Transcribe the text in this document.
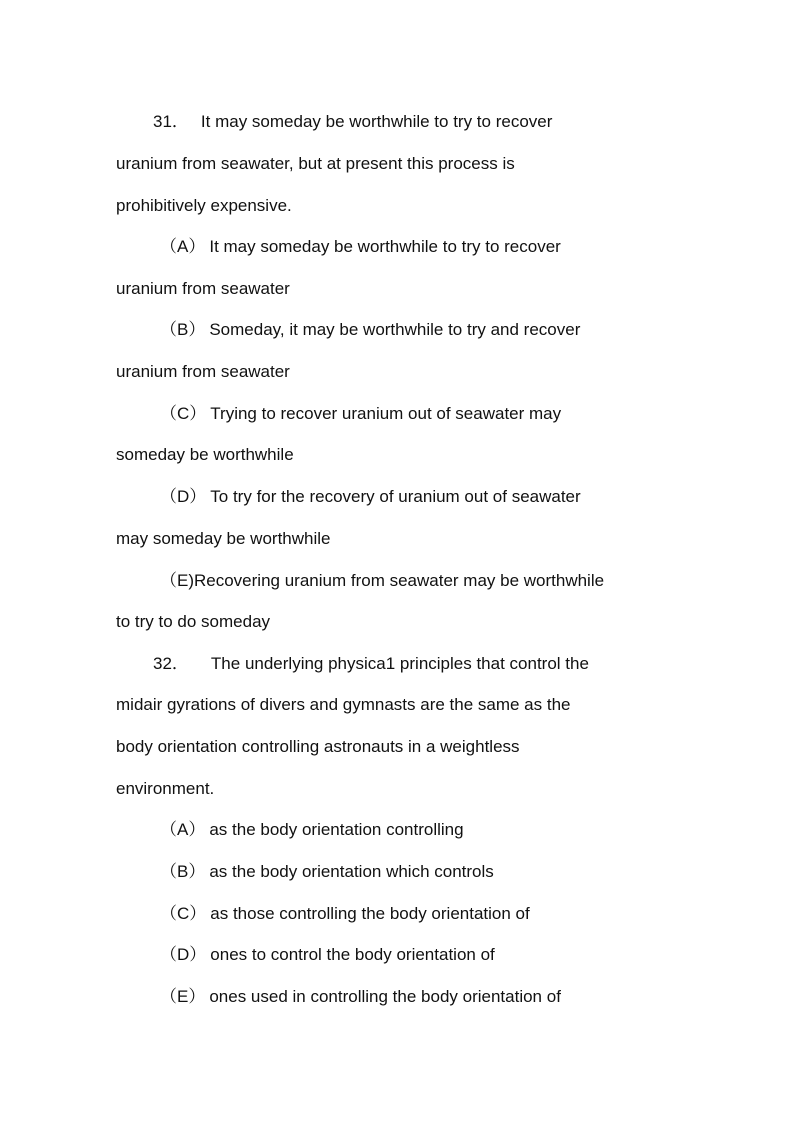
31． It may someday be worthwhile to try to recover
uranium from seawater, but at present this process is
prohibitively expensive.
（A） It may someday be worthwhile to try to recover
uranium from seawater
（B） Someday, it may be worthwhile to try and recover
uranium from seawater
（C） Trying to recover uranium out of seawater may
someday be worthwhile
（D） To try for the recovery of uranium out of seawater
may someday be worthwhile
（E)Recovering uranium from seawater may be worthwhile
to try to do someday
32． The underlying physica1 principles that control the
midair gyrations of divers and gymnasts are the same as the
body orientation controlling astronauts in a weightless
environment.
（A） as the body orientation controlling
（B） as the body orientation which controls
（C） as those controlling the body orientation of
（D） ones to control the body orientation of
（E） ones used in controlling the body orientation of
